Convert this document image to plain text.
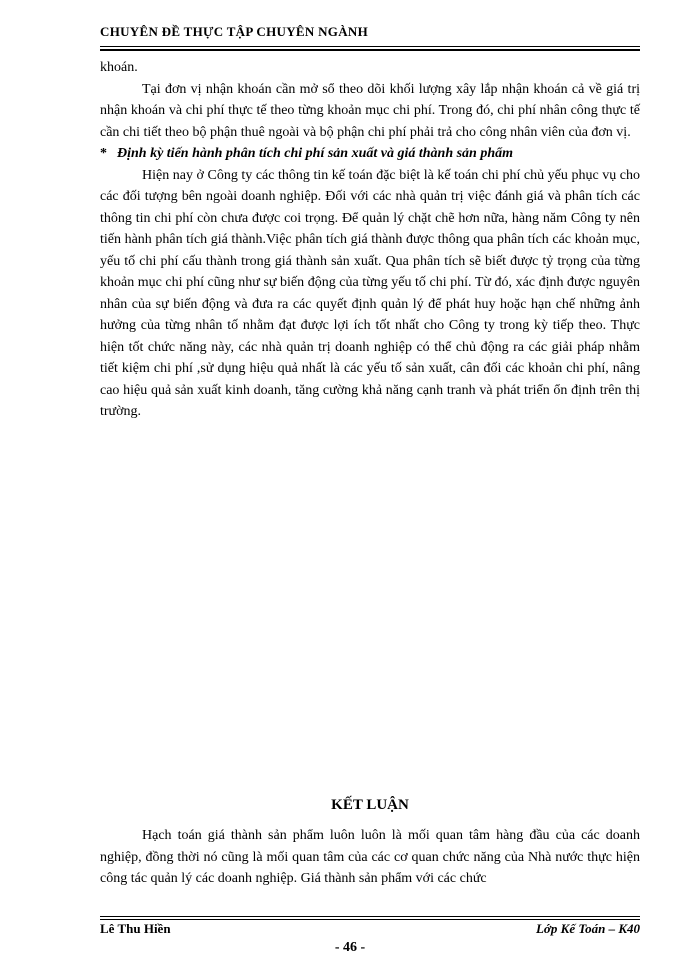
CHUYÊN ĐỀ THỰC TẬP CHUYÊN NGÀNH

khoán.

Tại đơn vị nhận khoán cần mở sổ theo dõi khối lượng xây lắp nhận khoán cả về giá trị nhận khoán và chi phí thực tế theo từng khoản mục chi phí. Trong đó, chi phí nhân công thực tế cần chi tiết theo bộ phận thuê ngoài và bộ phận chi phí phải trả cho công nhân viên của đơn vị.

* Định kỳ tiến hành phân tích chi phí sản xuất và giá thành sản phẩm

Hiện nay ở Công ty các thông tin kế toán đặc biệt là kế toán chi phí chủ yếu phục vụ cho các đối tượng bên ngoài doanh nghiệp. Đối với các nhà quản trị việc đánh giá và phân tích các thông tin chi phí còn chưa được coi trọng. Để quản lý chặt chẽ hơn nữa, hàng năm Công ty nên tiến hành phân tích giá thành.Việc phân tích giá thành được thông qua phân tích các khoản mục, yếu tố chi phí cấu thành trong giá thành sản xuất. Qua phân tích sẽ biết được tỷ trọng của từng khoản mục chi phí cũng như sự biến động của từng yếu tố chi phí. Từ đó, xác định được nguyên nhân của sự biến động và đưa ra các quyết định quản lý để phát huy hoặc hạn chế những ảnh hưởng của từng nhân tố nhằm đạt được lợi ích tốt nhất cho Công ty trong kỳ tiếp theo. Thực hiện tốt chức năng này, các nhà quản trị doanh nghiệp có thể chủ động ra các giải pháp nhằm tiết kiệm chi phí ,sử dụng hiệu quả nhất là các yếu tố sản xuất, cân đối các khoản chi phí, nâng cao hiệu quả sản xuất kinh doanh, tăng cường khả năng cạnh tranh và phát triển ổn định trên thị trường.

KẾT LUẬN

Hạch toán giá thành sản phẩm luôn luôn là mối quan tâm hàng đầu của các doanh nghiệp, đồng thời nó cũng là mối quan tâm của các cơ quan chức năng của Nhà nước thực hiện công tác quản lý các doanh nghiệp. Giá thành sản phẩm với các chức

Lê Thu Hiền	Lớp Kế Toán – K40
- 46 -
